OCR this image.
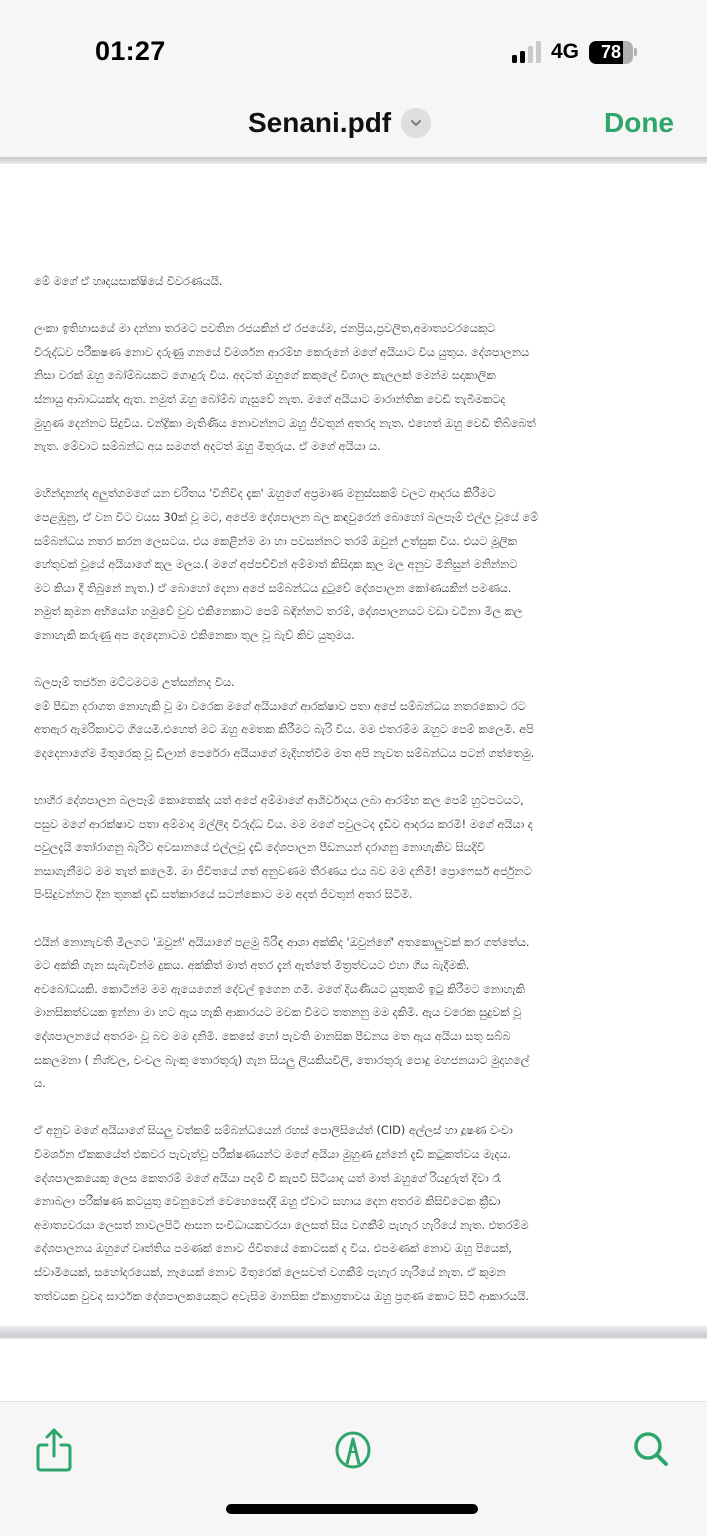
01:27	4G	78
Senani.pdf	Done
මේ මගේ ඒ හෘදයසාක්ෂියේ විවරණයයි.
ලංකා ඉතිහාසයේ මා දන්නා තරමට පවතින රජයකින් ඒ රජයේම, ජනප්‍රිය,ප්‍රවලිත,අමාත්‍යවරයෙකුට
විරුද්ධව පරීකෂණ නොව දරුණු ගනයේ විමර්ශන ආරම්භ කෙරුනේ මගේ අයියාට විය යුතුය. දේශපාලනය
නිසා වරක් ඔහු බෝම්බයකට ගොදුරු විය. අදටත් ඔහුගේ කකුලේ විශාල කැලලක් මෙන්ම සදාකාලික
ස්නායු ආබාධයක්ද ඇත. නමුත් ඔහු බෝම්බ ගැසුවේ නැත. මගේ අයියාට මාරාන්තික වෙඩි තැබීමකටද
මුහුණ දෙන්නට සිදුවිය. චන්ද්‍රිකා මැතිණිය නොවන්නට ඔහු ජීවතුන් අතරද නැත. එහෙත් ඔහු වෙඩි තිබ්බෙත්
නැත. මේවාට සම්බන්ධ අය සමගත් අදටත් ඔහු මිතුරුය. ඒ මගේ අයියා ය.
මහින්දානන්ද අලුත්ගමගේ යන චරිතය 'විනිවිද දැක' ඔහුගේ අප්‍රමාණ මනුස්සකම් වලට ආදරය කිරීමට
පෙළඹුනු, ඒ වන විට වයස 30ක් වූ මට, අපේම දේශපාලන බල කඳවුරෙන් බොහෝ බලපෑම් එල්ල වූයේ මේ
සම්බන්ධය නතර කරන ලෙසටය. එය කෙළින්ම මා හා පවසන්නට තරම් ඔවුන් උත්සුක විය. එයට මූලික
හේතුවක් වූයේ අයියාගේ කුල මලය.( මගේ අප්පච්චින් අම්මාත් කිසිදාක කුල මල අනුව මිනිසුන් මනින්නට
මට කියා දී තිබුනේ නැත.) ඒ බොහෝ දෙනා අපේ සම්බන්ධය දුටුවේ දේශපාලන කෝණයකින් පමණය.
නමුත් කුමන අභියෝග හමුවේ වුව එකිනෙකාට පෙම් බඳින්නට තරම්, දේශපාලනයට වඩා වටිනා මිල කල
නොහැකි කරුණු අප දෙදෙනාටම එකිනෙකා තුල වූ බැව් කිව යුතුමය.
බලපෑම් තර්ජන මට්ටමටම උත්සන්නද විය.
මේ පීඩන දරාගත නොහැකි වූ මා වරෙක මගේ අයියාගේ ආරක්ෂාව පතා අපේ සම්බන්ධය නතරකොට රට
අතඇර ඇමරිකාවට ගියෙමි.එහෙත් මට ඔහු අමතක කිරීමට බැරි විය. මම එතරම්ම ඔහුට පෙම් කලෙමි. අපි
දෙදෙනාගේම මිතුරෙකු වූ ඩිලාන් පෙරේරා අයියාගේ මැදිහත්වීම මත අපි නැවත සම්බන්ධය පටන් ගත්තෙමු.
භාහිර දේශපාලන බලපෑම් කොතෙක්ද යත් අපේ අම්මාගේ ආශිර්වාදය ලබා ආරම්භ කල පෙම් හුටපටයට,
පසුව මගේ ආරක්ෂාව පතා අම්මාද මල්ලීද විරුද්ධ විය. මම මගේ පවුලටද දැඩිව ආදරය කරමි! මගේ අයියා ද
පවුලදැයි තෝරාගනු බැරිව අවසානයේ එල්ලවූ දැඩි දේශපාලන පීඩනයන් දරාගනු නොහැකිව සියදිවි
නසාගැනීමට මම තැත් කලෙමි. මා ජීවිතයේ ගත් අනුවණම තීරණය එය බව මම දනිමි! ප්‍රොෆෙසර් අර්ජුනට
පිංසිදුවන්නට දින තුනක් දැඩි සත්කාරයේ සටන්කොට මම අදත් ජීවතුන් අතර සිටිමි.
එයින් නොනැවති මීලගට 'ඔවුන්' අයියාගේ පළමු බිරිඳ ආශා අක්කිද 'ඔවුන්ගේ' අතකොලුවක් කර ගත්තේය.
මට අක්කි ගැන සැබැවින්ම දුකය. අක්කිත් මාත් අතර දැන් ඇත්තේ මිත්‍රත්වයට එහා ගිය බැදීමකි.
අවබෝධයකි. කොටින්ම මම ඇයෙගෙන් දේවල් ඉගෙන ගමි. මගේ දියණියට යුතුකම් ඉටු කිරීමට නොහැකි
මානසිකත්වයක ඉන්නා මා හට ඇය හැකි ආකාරයට මවක වීමට තතනනු මම දකිමි. ඇය වරෙක සුදුවක් වූ
දේශපාලනයේ අතරමං වූ බව මම දනිමි. කෙසේ හෝ පැවති මානසික පීඩනය මත ඇය අයියා සතු සබ්බ
සකලමනා ( නිශ්චල, චංචල බැංකු තොරතුරු) ගැන සියලු ලියකියවිලි, තොරතුරු පොදු මහජනයාට මුදාහලේ
ය.
ඒ අනුව මගේ අයියාගේ සියලු වත්කම් සම්බන්ධයෙන් රහස් පොලිසියේත් (CID) අල්ලස් හා දූෂණ වංචා
විමර්ශන ඒකකයේත් එකවර පැවැත්වූ පරීක්ෂණයන්ට මගේ අයියා මුහුණ දුන්නේ දැඩි කටුකත්වය මැදය.
දේශපාලකයෙකු ලෙස කෙතරම් මගේ අයියා පදම් වී කැපවී සිටියාද යත් මාත් ඔහුගේ රියදුරුත් දිවා රෑ
නොබලා පරීක්ෂණ කටයුතු වෙනුවෙන් වෙහෙසෙද්දී ඔහු ඒවාට සහාය දෙන අතරම කිසිවිටෙක ක්‍රීඩා
අමාත්‍යවරයා ලෙසත් නාවලපිටි ආසන සංවිධායකවරයා ලෙසත් සිය වගකීම් පැහැර හැරියේ නැත. එතරම්ම
දේශපාලනය ඔහුගේ වෘත්තිය පමණක් නොව ජීවිතයේ කොටසක් ද විය. එපමණක් නොව ඔහු පියෙක්,
ස්වාමියෙක්, සහෝදරයෙක්, නෑයෙක් නොව මිතුරෙක් ලෙසවත් වගකීම් පැහැර හැරියේ නැත. ඒ කුමන
තත්වයක වුවද සාර්ථක දේශපාලකයෙකුට අවැසිම මානසික ඒකාග්‍රතාවය ඔහු ප්‍රගුණ කොට සිටි ආකාරයයි.
